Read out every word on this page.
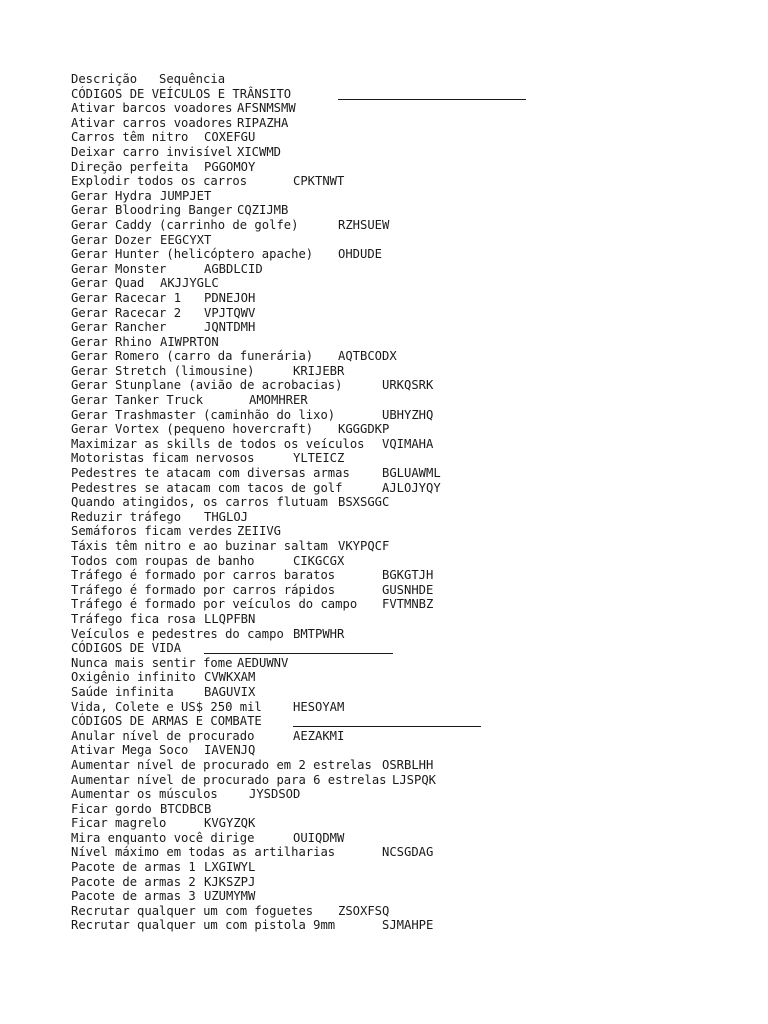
Descrição Sequência
CÓDIGOS DE VEÍCULOS E TRÂNSITO
Ativar barcos voadores AFSNMSMW
Ativar carros voadores RIPAZHA
Carros têm nitro COXEFGU
Deixar carro invisível XICWMD
Direção perfeita PGGOMOY
Explodir todos os carros	CPKTNWT
Gerar Hydra JUMPJET
Gerar Bloodring Banger CQZIJMB
Gerar Caddy (carrinho de golfe)	RZHSUEW
Gerar Dozer EEGCYXT
Gerar Hunter (helicóptero apache) OHDUDE
Gerar Monster	AGBDLCID
Gerar Quad AKJJYGLC
Gerar Racecar 1 PDNEJOH
Gerar Racecar 2 VPJTQWV
Gerar Rancher	JQNTDMH
Gerar Rhino AIWPRTON
Gerar Romero (carro da funerária) AQTBCODX
Gerar Stretch (limousine)	KRIJEBR
Gerar Stunplane (avião de acrobacias)	URKQSRK
Gerar Tanker Truck	AMOMHRER
Gerar Trashmaster (caminhão do lixo)	UBHYZHQ
Gerar Vortex (pequeno hovercraft) KGGGDKP
Maximizar as skills de todos os veículos VQIMAHA
Motoristas ficam nervosos	YLTEICZ
Pedestres te atacam com diversas armas	BGLUAWML
Pedestres se atacam com tacos de golf	AJLOJYQY
Quando atingidos, os carros flutuam BSXSGGC
Reduzir tráfego THGLOJ
Semáforos ficam verdes ZEIIVG
Táxis têm nitro e ao buzinar saltam VKYPQCF
Todos com roupas de banho	CIKGCGX
Tráfego é formado por carros baratos	BGKGTJH
Tráfego é formado por carros rápidos	GUSNHDE
Tráfego é formado por veículos do campo FVTMNBZ
Tráfego fica rosa LLQPFBN
Veículos e pedestres do campo BMTPWHR
CÓDIGOS DE VIDA
Nunca mais sentir fome AEDUWNV
Oxigênio infinito CVWKXAM
Saúde infinita BAGUVIX
Vida, Colete e US$ 250 mil	HESOYAM
CÓDIGOS DE ARMAS E COMBATE
Anular nível de procurado	AEZAKMI
Ativar Mega Soco IAVENJQ
Aumentar nível de procurado em 2 estrelas OSRBLHH
Aumentar nível de procurado para 6 estrelas LJSPQK
Aumentar os músculos	JYSDSOD
Ficar gordo BTCDBCB
Ficar magrelo	KVGYZQK
Mira enquanto você dirige	OUIQDMW
Nível máximo em todas as artilharias	NCSGDAG
Pacote de armas 1 LXGIWYL
Pacote de armas 2 KJKSZPJ
Pacote de armas 3 UZUMYMW
Recrutar qualquer um com foguetes ZSOXFSQ
Recrutar qualquer um com pistola 9mm	SJMAHPE
